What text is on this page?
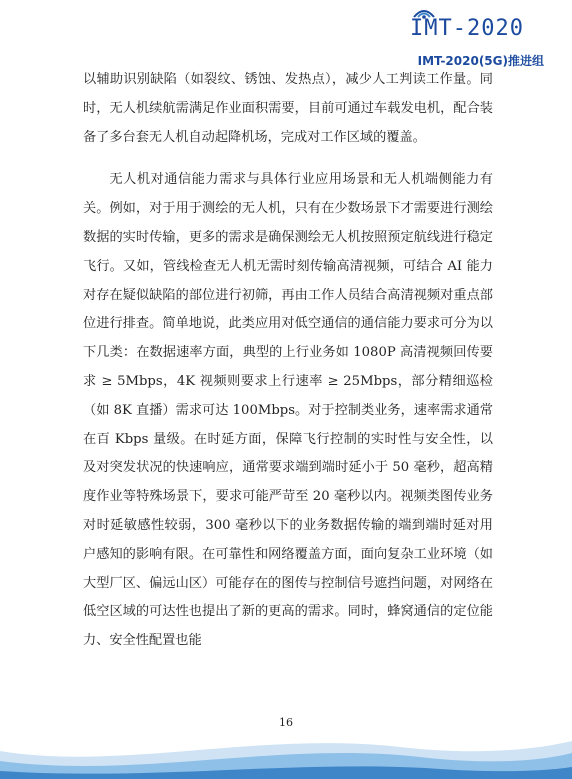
IMT-2020
IMT-2020(5G)推进组

以辅助识别缺陷（如裂纹、锈蚀、发热点），减少人工判读工作量。同时，无人机续航需满足作业面积需要，目前可通过车载发电机，配合装备了多台套无人机自动起降机场，完成对工作区域的覆盖。

无人机对通信能力需求与具体行业应用场景和无人机端侧能力有关。例如，对于用于测绘的无人机，只有在少数场景下才需要进行测绘数据的实时传输，更多的需求是确保测绘无人机按照预定航线进行稳定飞行。又如，管线检查无人机无需时刻传输高清视频，可结合 AI 能力对存在疑似缺陷的部位进行初筛，再由工作人员结合高清视频对重点部位进行排查。简单地说，此类应用对低空通信的通信能力要求可分为以下几类：在数据速率方面，典型的上行业务如 1080P 高清视频回传要求 ≥ 5Mbps，4K 视频则要求上行速率 ≥ 25Mbps，部分精细巡检（如 8K 直播）需求可达 100Mbps。对于控制类业务，速率需求通常在百 Kbps 量级。在时延方面，保障飞行控制的实时性与安全性，以及对突发状况的快速响应，通常要求端到端时延小于 50 毫秒，超高精度作业等特殊场景下，要求可能严苛至 20 毫秒以内。视频类图传业务对时延敏感性较弱，300 毫秒以下的业务数据传输的端到端时延对用户感知的影响有限。在可靠性和网络覆盖方面，面向复杂工业环境（如大型厂区、偏远山区）可能存在的图传与控制信号遮挡问题，对网络在低空区域的可达性也提出了新的更高的需求。同时，蜂窝通信的定位能力、安全性配置也能

16
